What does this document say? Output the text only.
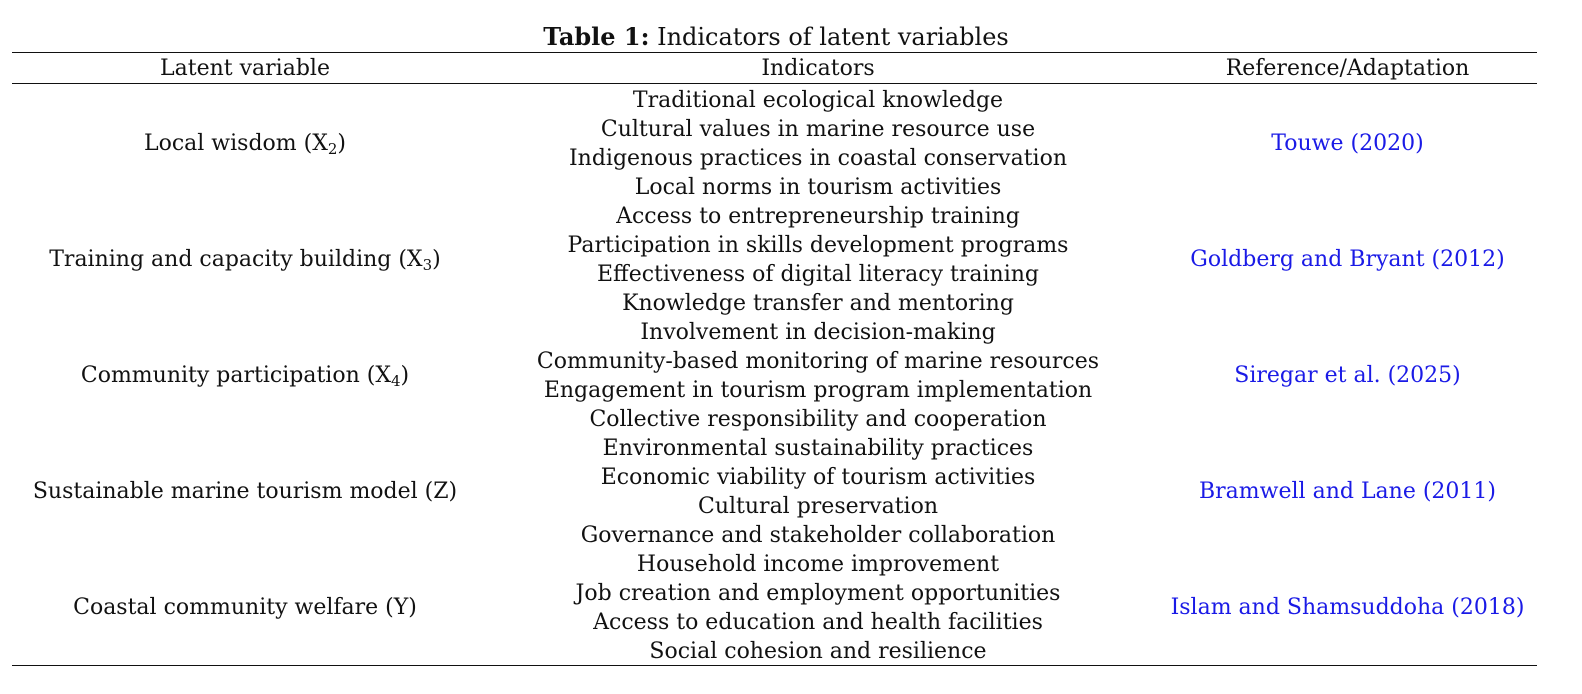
Table 1: Indicators of latent variables
Latent variable	Indicators	Reference/Adaptation
Local wisdom $(X_2)$
Traditional ecological knowledge
Cultural values in marine resource use
Indigenous practices in coastal conservation
Local norms in tourism activities
Touwe (2020)
Training and capacity building $(X_3)$
Access to entrepreneurship training
Participation in skills development programs
Effectiveness of digital literacy training
Knowledge transfer and mentoring
Goldberg and Bryant (2012)
Community participation $(X_4)$
Involvement in decision-making
Community-based monitoring of marine resources
Engagement in tourism program implementation
Collective responsibility and cooperation
Siregar et al. (2025)
Sustainable marine tourism model (Z)
Environmental sustainability practices
Economic viability of tourism activities
Cultural preservation
Governance and stakeholder collaboration
Bramwell and Lane (2011)
Coastal community welfare (Y)
Household income improvement
Job creation and employment opportunities
Access to education and health facilities
Social cohesion and resilience
Islam and Shamsuddoha (2018)
